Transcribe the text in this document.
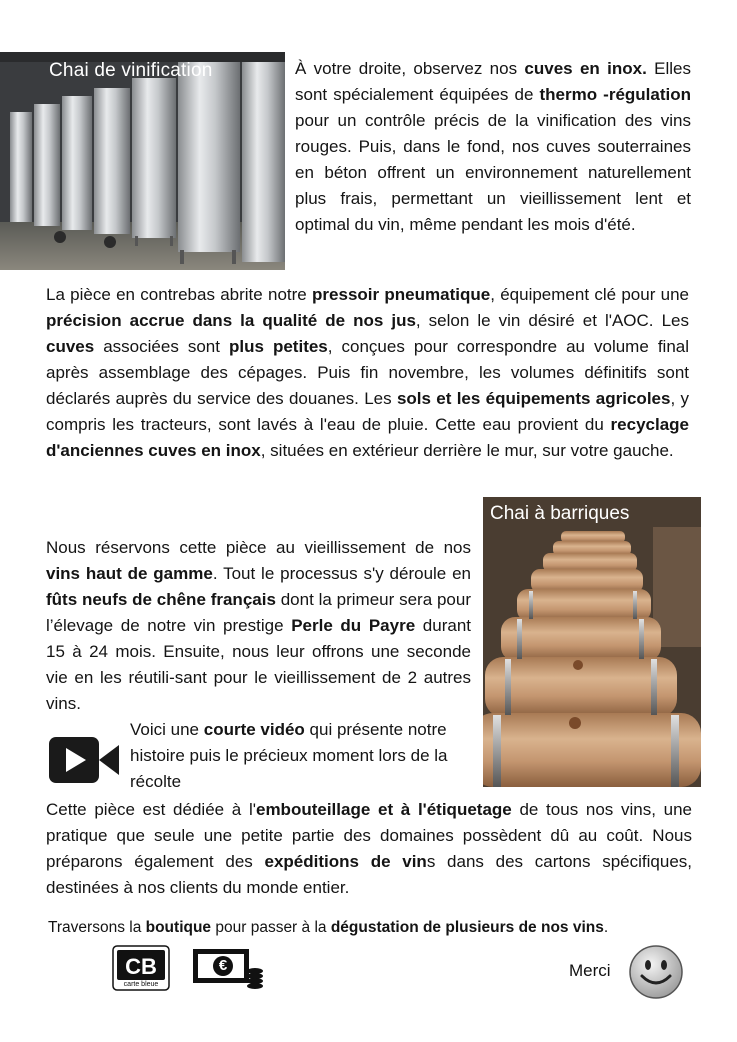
Chai de vinification	À votre droite, observez nos cuves en inox. Elles sont spécialement équipées de thermo -régulation pour un contrôle précis de la vinification des vins rouges. Puis, dans le fond, nos cuves souterraines en béton offrent un environnement naturellement plus frais, permettant un vieillissement lent et optimal du vin, même pendant les mois d'été.
La pièce en contrebas abrite notre pressoir pneumatique, équipement clé pour une précision accrue dans la qualité de nos jus, selon le vin désiré et l'AOC. Les cuves associées sont plus petites, conçues pour correspondre au volume final après assemblage des cépages. Puis fin novembre, les volumes définitifs sont déclarés auprès du service des douanes. Les sols et les équipements agricoles, y compris les tracteurs, sont lavés à l'eau de pluie. Cette eau provient du recyclage d'anciennes cuves en inox, situées en extérieur derrière le mur, sur votre gauche.
Chai à barriques
Nous réservons cette pièce au vieillissement de nos vins haut de gamme. Tout le processus s'y déroule en fûts neufs de chêne français dont la primeur sera pour l’élevage de notre vin prestige Perle du Payre durant 15 à 24 mois. Ensuite, nous leur offrons une seconde vie en les réutili-sant pour le vieillissement de 2 autres vins.
Voici une courte vidéo qui présente notre histoire puis le précieux moment lors de la récolte
Cette pièce est dédiée à l'embouteillage et à l'étiquetage de tous nos vins, une pratique que seule une petite partie des domaines possèdent dû au coût. Nous préparons également des expéditions de vins dans des cartons spécifiques, destinées à nos clients du monde entier.
Traversons la boutique pour passer à la dégustation de plusieurs de nos vins.
CB
carte bleue
€	Merci
